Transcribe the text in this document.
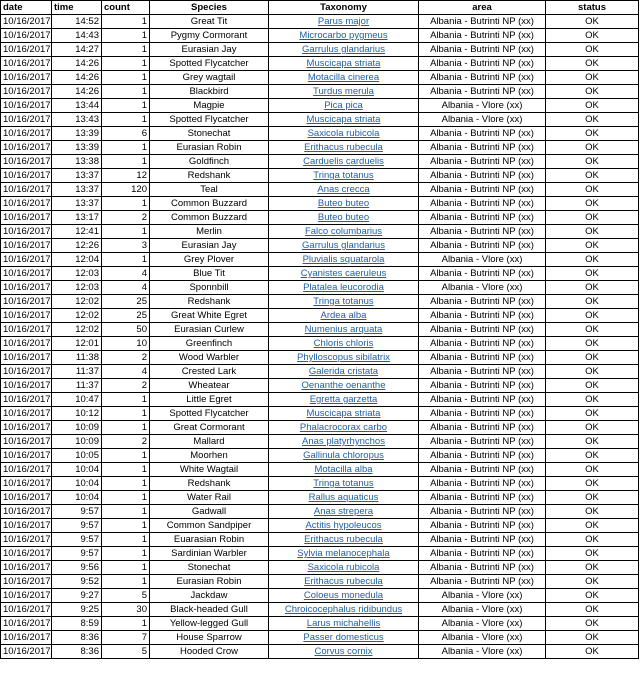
date	time	count	Species	Taxonomy	area	status
10/16/2017	14:52	1	Great Tit	Parus major	Albania - Butrinti NP (xx)	OK
10/16/2017	14:43	1	Pygmy Cormorant	Microcarbo pygmeus	Albania - Butrinti NP (xx)	OK
10/16/2017	14:27	1	Eurasian Jay	Garrulus glandarius	Albania - Butrinti NP (xx)	OK
10/16/2017	14:26	1	Spotted Flycatcher	Muscicapa striata	Albania - Butrinti NP (xx)	OK
10/16/2017	14:26	1	Grey wagtail	Motacilla cinerea	Albania - Butrinti NP (xx)	OK
10/16/2017	14:26	1	Blackbird	Turdus merula	Albania - Butrinti NP (xx)	OK
10/16/2017	13:44	1	Magpie	Pica pica	Albania - Vlore (xx)	OK
10/16/2017	13:43	1	Spotted Flycatcher	Muscicapa striata	Albania - Vlore (xx)	OK
10/16/2017	13:39	6	Stonechat	Saxicola rubicola	Albania - Butrinti NP (xx)	OK
10/16/2017	13:39	1	Eurasian Robin	Erithacus rubecula	Albania - Butrinti NP (xx)	OK
10/16/2017	13:38	1	Goldfinch	Carduelis carduelis	Albania - Butrinti NP (xx)	OK
10/16/2017	13:37	12	Redshank	Tringa totanus	Albania - Butrinti NP (xx)	OK
10/16/2017	13:37	120	Teal	Anas crecca	Albania - Butrinti NP (xx)	OK
10/16/2017	13:37	1	Common Buzzard	Buteo buteo	Albania - Butrinti NP (xx)	OK
10/16/2017	13:17	2	Common Buzzard	Buteo buteo	Albania - Butrinti NP (xx)	OK
10/16/2017	12:41	1	Merlin	Falco columbarius	Albania - Butrinti NP (xx)	OK
10/16/2017	12:26	3	Eurasian Jay	Garrulus glandarius	Albania - Butrinti NP (xx)	OK
10/16/2017	12:04	1	Grey Plover	Pluvialis squatarola	Albania - Vlore (xx)	OK
10/16/2017	12:03	4	Blue Tit	Cyanistes caeruleus	Albania - Butrinti NP (xx)	OK
10/16/2017	12:03	4	Sponnbill	Platalea leucorodia	Albania - Vlore (xx)	OK
10/16/2017	12:02	25	Redshank	Tringa totanus	Albania - Butrinti NP (xx)	OK
10/16/2017	12:02	25	Great White Egret	Ardea alba	Albania - Butrinti NP (xx)	OK
10/16/2017	12:02	50	Eurasian Curlew	Numenius arquata	Albania - Butrinti NP (xx)	OK
10/16/2017	12:01	10	Greenfinch	Chloris chloris	Albania - Butrinti NP (xx)	OK
10/16/2017	11:38	2	Wood Warbler	Phylloscopus sibilatrix	Albania - Butrinti NP (xx)	OK
10/16/2017	11:37	4	Crested Lark	Galerida cristata	Albania - Butrinti NP (xx)	OK
10/16/2017	11:37	2	Wheatear	Oenanthe oenanthe	Albania - Butrinti NP (xx)	OK
10/16/2017	10:47	1	Little Egret	Egretta garzetta	Albania - Butrinti NP (xx)	OK
10/16/2017	10:12	1	Spotted Flycatcher	Muscicapa striata	Albania - Butrinti NP (xx)	OK
10/16/2017	10:09	1	Great Cormorant	Phalacrocorax carbo	Albania - Butrinti NP (xx)	OK
10/16/2017	10:09	2	Mallard	Anas platyrhynchos	Albania - Butrinti NP (xx)	OK
10/16/2017	10:05	1	Moorhen	Gallinula chloropus	Albania - Butrinti NP (xx)	OK
10/16/2017	10:04	1	White Wagtail	Motacilla alba	Albania - Butrinti NP (xx)	OK
10/16/2017	10:04	1	Redshank	Tringa totanus	Albania - Butrinti NP (xx)	OK
10/16/2017	10:04	1	Water Rail	Rallus aquaticus	Albania - Butrinti NP (xx)	OK
10/16/2017	9:57	1	Gadwall	Anas strepera	Albania - Butrinti NP (xx)	OK
10/16/2017	9:57	1	Common Sandpiper	Actitis hypoleucos	Albania - Butrinti NP (xx)	OK
10/16/2017	9:57	1	Euarasian Robin	Erithacus rubecula	Albania - Butrinti NP (xx)	OK
10/16/2017	9:57	1	Sardinian Warbler	Sylvia melanocephala	Albania - Butrinti NP (xx)	OK
10/16/2017	9:56	1	Stonechat	Saxicola rubicola	Albania - Butrinti NP (xx)	OK
10/16/2017	9:52	1	Eurasian Robin	Erithacus rubecula	Albania - Butrinti NP (xx)	OK
10/16/2017	9:27	5	Jackdaw	Coloeus monedula	Albania - Vlore (xx)	OK
10/16/2017	9:25	30	Black-headed Gull	Chroicocephalus ridibundus	Albania - Vlore (xx)	OK
10/16/2017	8:59	1	Yellow-legged Gull	Larus michahellis	Albania - Vlore (xx)	OK
10/16/2017	8:36	7	House Sparrow	Passer domesticus	Albania - Vlore (xx)	OK
10/16/2017	8:36	5	Hooded Crow	Corvus cornix	Albania - Vlore (xx)	OK
